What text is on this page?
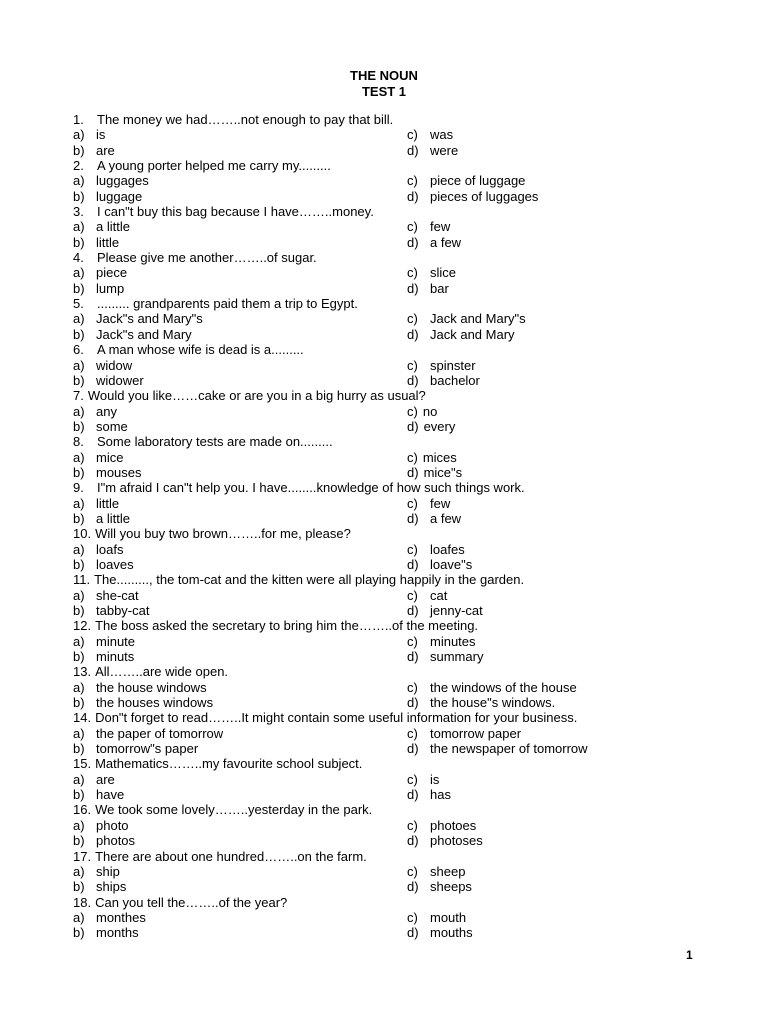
THE NOUN
TEST 1
1. The money we had……..not enough to pay that bill.
a) is	c) was
b) are	d) were
2. A young porter helped me carry my.........
a) luggages	c) piece of luggage
b) luggage	d) pieces of luggages
3. I can"t buy this bag because I have……..money.
a) a little	c) few
b) little	d) a few
4. Please give me another……..of sugar.
a) piece	c) slice
b) lump	d) bar
5. ......... grandparents paid them a trip to Egypt.
a) Jack"s and Mary"s	c) Jack and Mary"s
b) Jack"s and Mary	d) Jack and Mary
6. A man whose wife is dead is a.........
a) widow	c) spinster
b) widower	d) bachelor
7. Would you like……cake or are you in a big hurry as usual?
a) any	c) no
b) some	d) every
8. Some laboratory tests are made on.........
a) mice	c) mices
b) mouses	d) mice"s
9. I"m afraid I can"t help you. I have........knowledge of how such things work.
a) little	c) few
b) a little	d) a few
10. Will you buy two brown……..for me, please?
a) loafs	c) loafes
b) loaves	d) loave"s
11. The........., the tom-cat and the kitten were all playing happily in the garden.
a) she-cat	c) cat
b) tabby-cat	d) jenny-cat
12. The boss asked the secretary to bring him the……..of the meeting.
a) minute	c) minutes
b) minuts	d) summary
13. All……..are wide open.
a) the house windows	c) the windows of the house
b) the houses windows	d) the house"s windows.
14. Don"t forget to read……..It might contain some useful information for your business.
a) the paper of tomorrow	c) tomorrow paper
b) tomorrow"s paper	d) the newspaper of tomorrow
15. Mathematics……..my favourite school subject.
a) are	c) is
b) have	d) has
16. We took some lovely……..yesterday in the park.
a) photo	c) photoes
b) photos	d) photoses
17. There are about one hundred……..on the farm.
a) ship	c) sheep
b) ships	d) sheeps
18. Can you tell the……..of the year?
a) monthes	c) mouth
b) months	d) mouths
1
